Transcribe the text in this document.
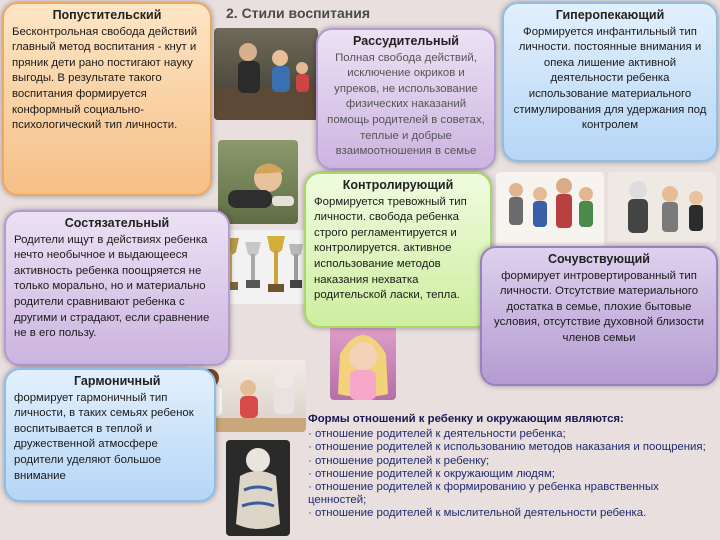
2. Стили воспитания
Попустительский
Бесконтрольная свобода действий главный метод воспитания - кнут и пряник дети рано постигают науку выгоды. В результате такого воспитания формируется конформный социально-психологический тип личности.
Состязательный
Родители ищут в действиях ребенка нечто необычное и выдающееся активность ребенка поощряется не только морально, но и материально родители сравнивают ребенка с другими и страдают, если сравнение не в его пользу.
Гармоничный
формирует гармоничный тип личности, в таких семьях ребенок воспитывается в теплой и дружественной атмосфере родители уделяют большое внимание
Рассудительный
Полная свобода действий, исключение окриков и упреков, не использование физических наказаний помощь родителей в советах, теплые и добрые взаимоотношения в семье
Контролирующий
Формируется тревожный тип личности. свобода ребенка строго регламентируется и контролируется. активное использование методов наказания нехватка родительской ласки, тепла.
Гиперопекающий
Формируется инфантильный тип личности. постоянные внимания и опека лишение активной деятельности ребенка использование материального стимулирования для удержания под контролем
Сочувствующий
формирует интровертированный тип личности. Отсутствие материального достатка в семье, плохие бытовые условия, отсутствие духовной близости членов семьи
Формы отношений к ребенку и окружающим являются:
· отношение родителей к деятельности ребенка;
· отношение родителей к использованию методов наказания и поощрения;
· отношение родителей к ребенку;
· отношение родителей к окружающим людям;
· отношение родителей к формированию у ребенка нравственных ценностей;
· отношение родителей к мыслительной деятельности ребенка.
